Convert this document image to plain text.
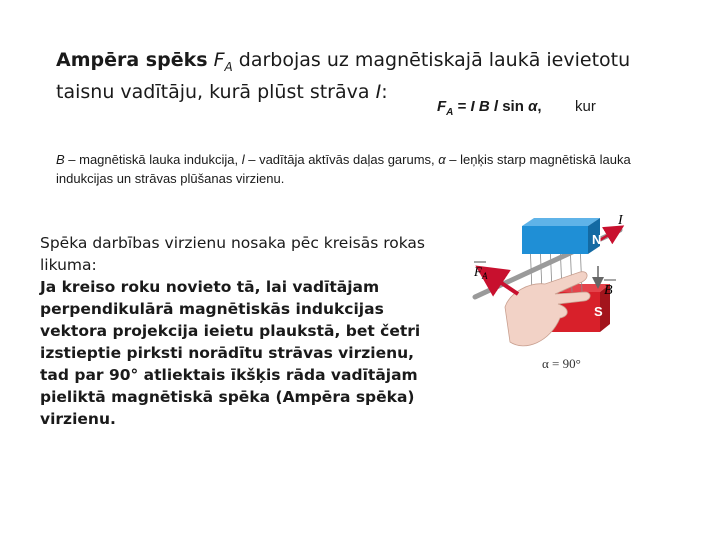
Ampēra spēks $F_A$ darbojas uz magnētiskajā laukā ievietotu taisnu vadītāju, kurā plūst strāva I:
$F_A = I$ B l sin α, kur
B – magnētiskā lauka indukcija, l – vadītāja aktīvās daļas garums, α – leņķis starp magnētiskā lauka indukcijas un strāvas plūšanas virzienu.
Spēka darbības virzienu nosaka pēc kreisās rokas likuma:
Ja kreiso roku novieto tā, lai vadītājam perpendikulārā magnētiskās indukcijas vektora projekcija ieietu plaukstā, bet četri izstieptie pirksti norādītu strāvas virzienu, tad par 90° atliektais īkšķis rāda vadītājam pieliktā magnētiskā spēka (Ampēra spēka) virzienu.
N
S
I
$F_A$
B
α = 90°
